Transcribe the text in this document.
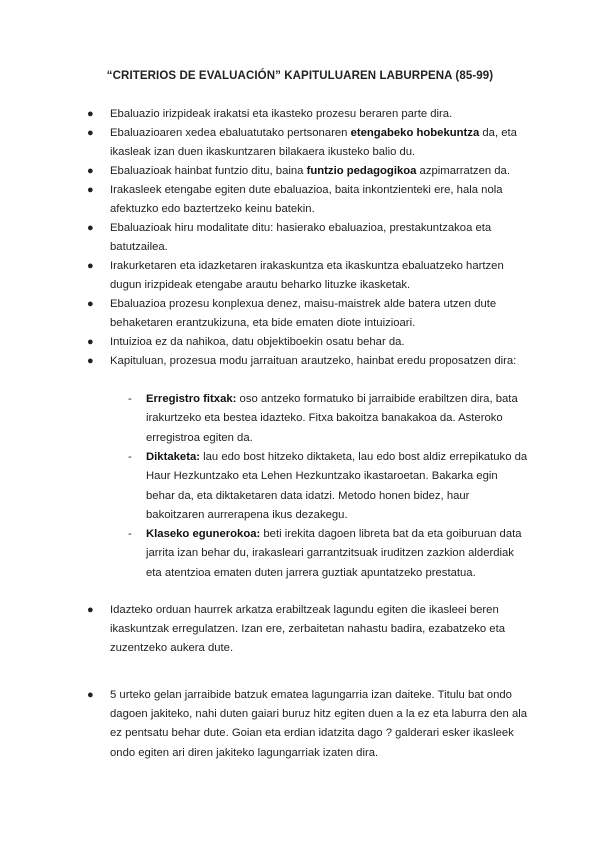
“CRITERIOS DE EVALUACIÓN” KAPITULUAREN LABURPENA (85-99)
●	Ebaluazio irizpideak irakatsi eta ikasteko prozesu beraren parte dira.
●	Ebaluazioaren xedea ebaluatutako pertsonaren etengabeko hobekuntza da, eta ikasleak izan duen ikaskuntzaren bilakaera ikusteko balio du.
●	Ebaluazioak hainbat funtzio ditu, baina funtzio pedagogikoa azpimarratzen da.
●	Irakasleek etengabe egiten dute ebaluazioa, baita inkontzienteki ere, hala nola afektuzko edo baztertzeko keinu batekin.
●	Ebaluazioak hiru modalitate ditu: hasierako ebaluazioa, prestakuntzakoa eta batutzailea.
●	Irakurketaren eta idazketaren irakaskuntza eta ikaskuntza ebaluatzeko hartzen dugun irizpideak etengabe arautu beharko lituzke ikasketak.
●	Ebaluazioa prozesu konplexua denez, maisu-maistrek alde batera utzen dute behaketaren erantzukizuna, eta bide ematen diote intuizioari.
●	Intuizioa ez da nahikoa, datu objektiboekin osatu behar da.
●	Kapituluan, prozesua modu jarraituan arautzeko, hainbat eredu proposatzen dira:
-	Erregistro fitxak: oso antzeko formatuko bi jarraibide erabiltzen dira, bata irakurtzeko eta bestea idazteko. Fitxa bakoitza banakakoa da. Asteroko erregistroa egiten da.
-	Diktaketa: lau edo bost hitzeko diktaketa, lau edo bost aldiz errepikatuko da Haur Hezkuntzako eta Lehen Hezkuntzako ikastaroetan. Bakarka egin behar da, eta diktaketaren data idatzi. Metodo honen bidez, haur bakoitzaren aurrerapena ikus dezakegu.
-	Klaseko egunerokoa: beti irekita dagoen libreta bat da eta goiburuan data jarrita izan behar du, irakasleari garrantzitsuak iruditzen zazkion alderdiak eta atentzioa ematen duten jarrera guztiak apuntatzeko prestatua.
●	Idazteko orduan haurrek arkatza erabiltzeak lagundu egiten die ikasleei beren ikaskuntzak erregulatzen. Izan ere, zerbaitetan nahastu badira, ezabatzeko eta zuzentzeko aukera dute.
●	5 urteko gelan jarraibide batzuk ematea lagungarria izan daiteke. Titulu bat ondo dagoen jakiteko, nahi duten gaiari buruz hitz egiten duen a la ez eta laburra den ala ez pentsatu behar dute. Goian eta erdian idatzita dago ? galderari esker ikasleek ondo egiten ari diren jakiteko lagungarriak izaten dira.
